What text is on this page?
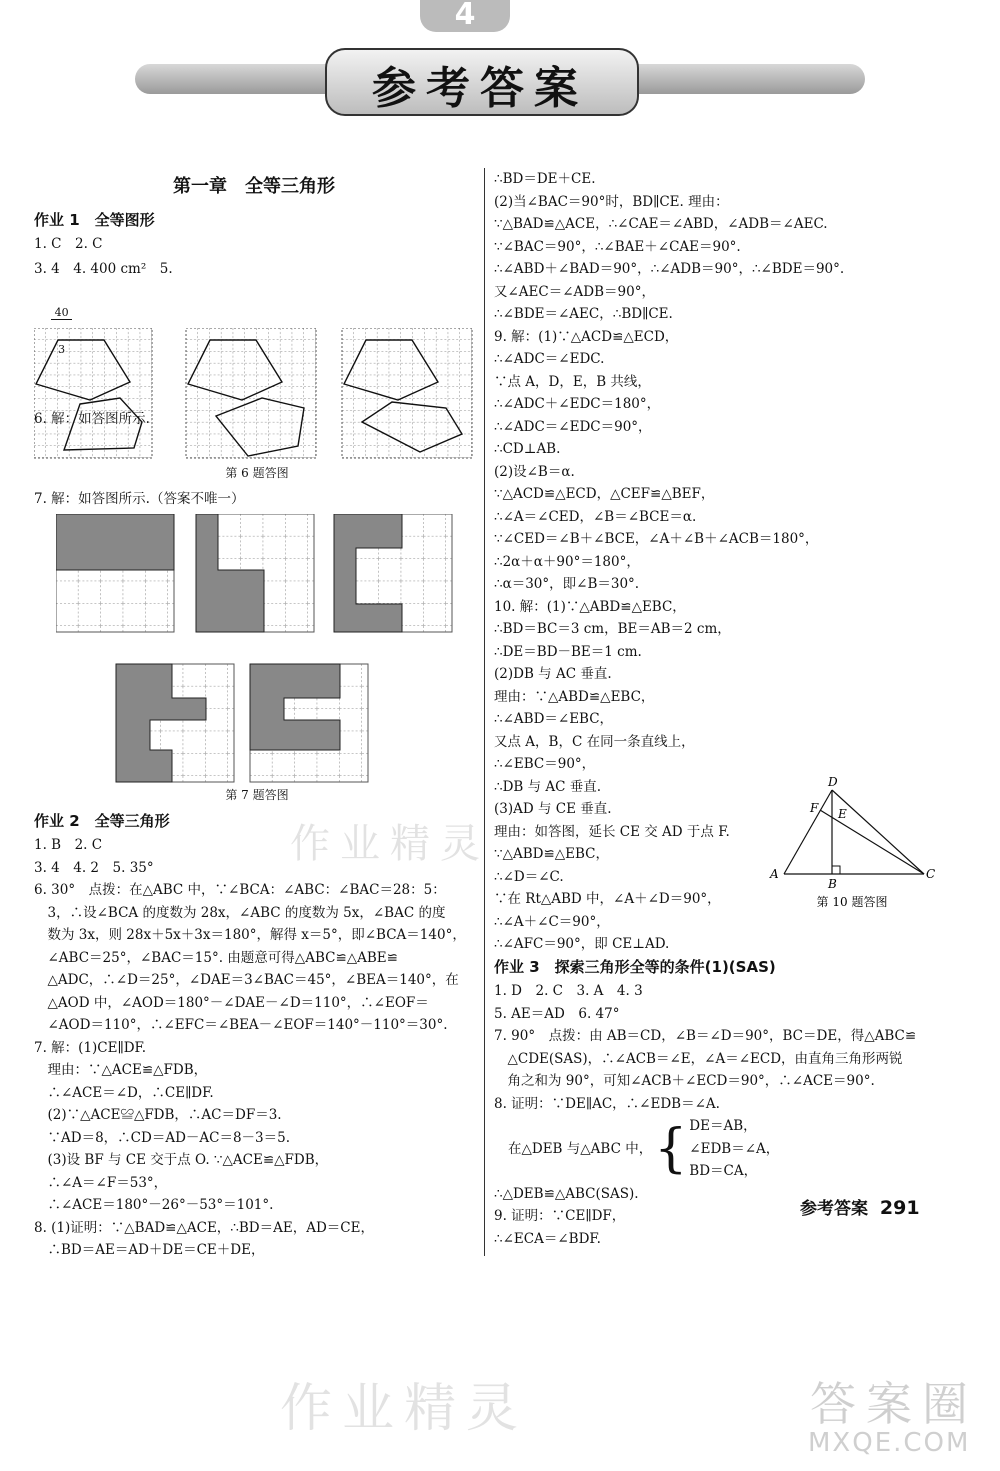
4
参考答案
第一章　全等三角形
作业 1　全等图形

1. C　2. C

3. 4　4. 400 cm²　5.

40

第 6 题答图

7. 解：如答图所示.（答案不唯一）

第 7 题答图
作业 2　全等三角形

1. B　2. C

3. 4　4. 2　5. 35°

6. 30°　点拨：在△ABC 中，∵∠BCA：∠ABC：∠BAC＝28：5：

　3，∴设∠BCA 的度数为 28x，∠ABC 的度数为 5x，∠BAC 的度

　数为 3x，则 28x＋5x＋3x＝180°，解得 x＝5°，即∠BCA＝140°，

　∠ABC＝25°，∠BAC＝15°. 由题意可得△ABC≌△ABE≌

　△ADC，∴∠D＝25°，∠DAE＝3∠BAC＝45°，∠BEA＝140°，在

　△AOD 中，∠AOD＝180°－∠DAE－∠D＝110°，∴∠EOF＝

　∠AOD＝110°，∴∠EFC＝∠BEA－∠EOF＝140°－110°＝30°.

7. 解：(1)CE∥DF.

　理由：∵△ACE≌△FDB，

　∴∠ACE＝∠D，∴CE∥DF.

　(2)∵△ACE≌△FDB，∴AC＝DF＝3.

　∵AD＝8，∴CD＝AD－AC＝8－3＝5.

　(3)设 BF 与 CE 交于点 O. ∵△ACE≌△FDB，

　∴∠A＝∠F＝53°，

　∴∠ACE＝180°－26°－53°＝101°.

8. (1)证明：∵△BAD≌△ACE，∴BD＝AE，AD＝CE，

　∴BD＝AE＝AD＋DE＝CE＋DE，

∴BD＝DE＋CE.

(2)当∠BAC＝90°时，BD∥CE. 理由：

∵△BAD≌△ACE，∴∠CAE＝∠ABD，∠ADB＝∠AEC.

∵∠BAC＝90°，∴∠BAE＋∠CAE＝90°.

∴∠ABD＋∠BAD＝90°，∴∠ADB＝90°，∴∠BDE＝90°.

又∠AEC＝∠ADB＝90°，

∴∠BDE＝∠AEC，∴BD∥CE.

9. 解：(1)∵△ACD≌△ECD，

∴∠ADC＝∠EDC.

∵点 A，D，E，B 共线，

∴∠ADC＋∠EDC＝180°，

∴∠ADC＝∠EDC＝90°，

∴CD⊥AB.

(2)设∠B＝α.

∵△ACD≌△ECD，△CEF≌△BEF，

∴∠A＝∠CED，∠B＝∠BCE＝α.

∵∠CED＝∠B＋∠BCE，∠A＋∠B＋∠ACB＝180°，

∴2α＋α＋90°＝180°，

∴α＝30°，即∠B＝30°.

10. 解：(1)∵△ABD≌△EBC，

∴BD＝BC＝3 cm，BE＝AB＝2 cm，

∴DE＝BD－BE＝1 cm.

(2)DB 与 AC 垂直.

理由：∵△ABD≌△EBC，

∴∠ABD＝∠EBC，

又点 A，B，C 在同一条直线上，

∴∠EBC＝90°，

∴DB 与 AC 垂直.

(3)AD 与 CE 垂直.

理由：如答图，延长 CE 交 AD 于点 F.

∵△ABD≌△EBC，

∴∠D＝∠C.

∵在 Rt△ABD 中，∠A＋∠D＝90°，

∴∠A＋∠C＝90°，

∴∠AFC＝90°，即 CE⊥AD.

D
F E
A
B
C
第 10 题答图
作业 3　探索三角形全等的条件(1)(SAS)

1. D　2. C　3. A　4. 3

5. AE＝AD　6. 47°

7. 90°　点拨：由 AB＝CD，∠B＝∠D＝90°，BC＝DE，得△ABC≌

　△CDE(SAS)，∴∠ACB＝∠E，∠A＝∠ECD，由直角三角形两锐

　角之和为 90°，可知∠ACB＋∠ECD＝90°，∴∠ACE＝90°.

8. 证明：∵DE∥AC，∴∠EDB＝∠A.

在△DEB 与△ABC 中， { DE＝AB，

∠EDB＝∠A，

BD＝CA，

∴△DEB≌△ABC(SAS).

9. 证明：∵CE∥DF，

∴∠ECA＝∠BDF.

参考答案 291
作业精灵
作业精灵	答案圈
MXQE.COM
